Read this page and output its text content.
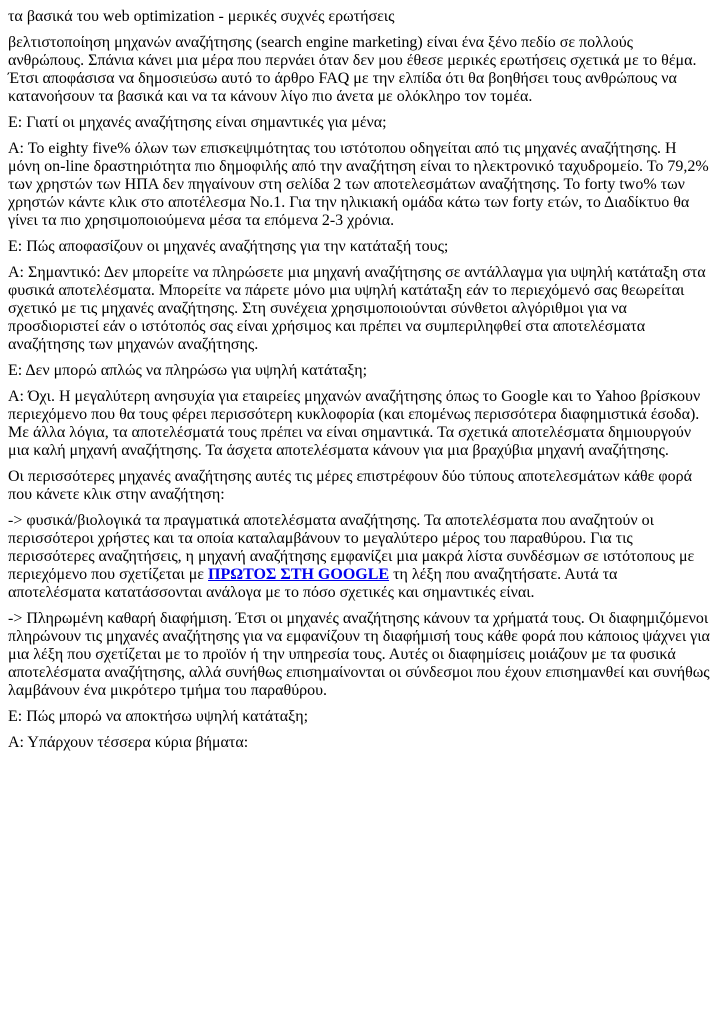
τα βασικά του web optimization - μερικές συχνές ερωτήσεις

βελτιστοποίηση μηχανών αναζήτησης (search engine marketing) είναι ένα ξένο πεδίο σε πολλούς ανθρώπους. Σπάνια κάνει μια μέρα που περνάει όταν δεν μου έθεσε μερικές ερωτήσεις σχετικά με το θέμα. Έτσι αποφάσισα να δημοσιεύσω αυτό το άρθρο FAQ με την ελπίδα ότι θα βοηθήσει τους ανθρώπους να κατανοήσουν τα βασικά και να τα κάνουν λίγο πιο άνετα με ολόκληρο τον τομέα.

Ε: Γιατί οι μηχανές αναζήτησης είναι σημαντικές για μένα;

Α: Το eighty five% όλων των επισκεψιμότητας του ιστότοπου οδηγείται από τις μηχανές αναζήτησης. Η μόνη on-line δραστηριότητα πιο δημοφιλής από την αναζήτηση είναι το ηλεκτρονικό ταχυδρομείο. Το 79,2% των χρηστών των ΗΠΑ δεν πηγαίνουν στη σελίδα 2 των αποτελεσμάτων αναζήτησης. Το forty two% των χρηστών κάντε κλικ στο αποτέλεσμα No.1. Για την ηλικιακή ομάδα κάτω των forty ετών, το Διαδίκτυο θα γίνει τα πιο χρησιμοποιούμενα μέσα τα επόμενα 2-3 χρόνια.

Ε: Πώς αποφασίζουν οι μηχανές αναζήτησης για την κατάταξή τους;

Α: Σημαντικό: Δεν μπορείτε να πληρώσετε μια μηχανή αναζήτησης σε αντάλλαγμα για υψηλή κατάταξη στα φυσικά αποτελέσματα. Μπορείτε να πάρετε μόνο μια υψηλή κατάταξη εάν το περιεχόμενό σας θεωρείται σχετικό με τις μηχανές αναζήτησης. Στη συνέχεια χρησιμοποιούνται σύνθετοι αλγόριθμοι για να προσδιοριστεί εάν ο ιστότοπός σας είναι χρήσιμος και πρέπει να συμπεριληφθεί στα αποτελέσματα αναζήτησης των μηχανών αναζήτησης.

Ε: Δεν μπορώ απλώς να πληρώσω για υψηλή κατάταξη;

Α: Όχι. Η μεγαλύτερη ανησυχία για εταιρείες μηχανών αναζήτησης όπως το Google και το Yahoo βρίσκουν περιεχόμενο που θα τους φέρει περισσότερη κυκλοφορία (και επομένως περισσότερα διαφημιστικά έσοδα). Με άλλα λόγια, τα αποτελέσματά τους πρέπει να είναι σημαντικά. Τα σχετικά αποτελέσματα δημιουργούν μια καλή μηχανή αναζήτησης. Τα άσχετα αποτελέσματα κάνουν για μια βραχύβια μηχανή αναζήτησης.

Οι περισσότερες μηχανές αναζήτησης αυτές τις μέρες επιστρέφουν δύο τύπους αποτελεσμάτων κάθε φορά που κάνετε κλικ στην αναζήτηση:

-> φυσικά/βιολογικά τα πραγματικά αποτελέσματα αναζήτησης. Τα αποτελέσματα που αναζητούν οι περισσότεροι χρήστες και τα οποία καταλαμβάνουν το μεγαλύτερο μέρος του παραθύρου. Για τις περισσότερες αναζητήσεις, η μηχανή αναζήτησης εμφανίζει μια μακρά λίστα συνδέσμων σε ιστότοπους με περιεχόμενο που σχετίζεται με ΠΡΩΤΟΣ ΣΤΗ GOOGLE τη λέξη που αναζητήσατε. Αυτά τα αποτελέσματα κατατάσσονται ανάλογα με το πόσο σχετικές και σημαντικές είναι.

-> Πληρωμένη καθαρή διαφήμιση. Έτσι οι μηχανές αναζήτησης κάνουν τα χρήματά τους. Οι διαφημιζόμενοι πληρώνουν τις μηχανές αναζήτησης για να εμφανίζουν τη διαφήμισή τους κάθε φορά που κάποιος ψάχνει για μια λέξη που σχετίζεται με το προϊόν ή την υπηρεσία τους. Αυτές οι διαφημίσεις μοιάζουν με τα φυσικά αποτελέσματα αναζήτησης, αλλά συνήθως επισημαίνονται οι σύνδεσμοι που έχουν επισημανθεί και συνήθως λαμβάνουν ένα μικρότερο τμήμα του παραθύρου.

Ε: Πώς μπορώ να αποκτήσω υψηλή κατάταξη;

Α: Υπάρχουν τέσσερα κύρια βήματα:
